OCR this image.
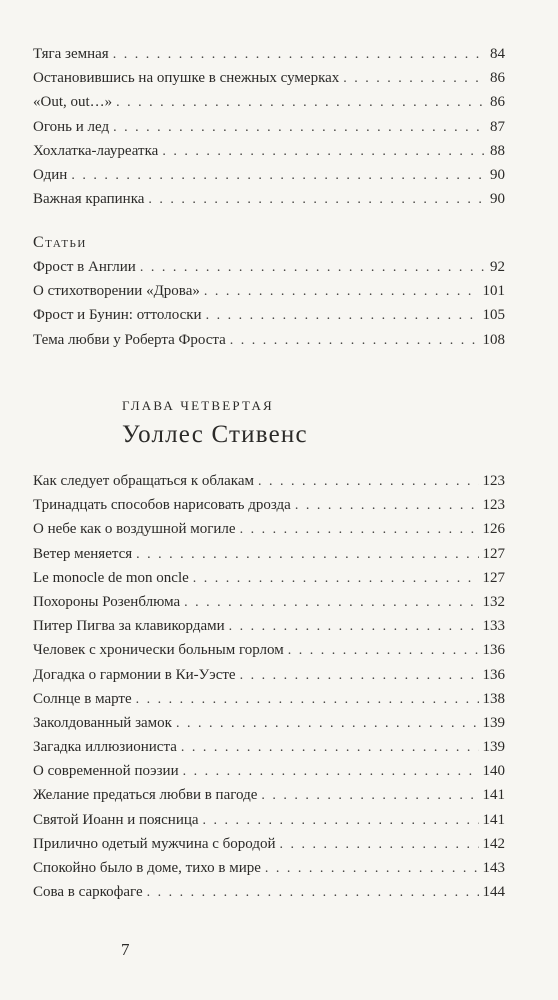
Тяга земная . . .	84
Остановившись на опушке в снежных сумерках . . .	86
«Out, out…» . . .	86
Огонь и лед . . .	87
Хохлатка-лауреатка . . .	88
Один . . .	90
Важная крапинка . . .	90
Статьи
Фрост в Англии . . .	92
О стихотворении «Дрова» . . .	101
Фрост и Бунин: оттолоски . . .	105
Тема любви у Роберта Фроста . . .	108
ГЛАВА ЧЕТВЕРТАЯ
Уоллес Стивенс
Как следует обращаться к облакам . . .	123
Тринадцать способов нарисовать дрозда . . .	123
О небе как о воздушной могиле . . .	126
Ветер меняется . . .	127
Le monocle de mon oncle . . .	127
Похороны Розенблюма . . .	132
Питер Пигва за клавикордами . . .	133
Человек с хронически больным горлом . . .	136
Догадка о гармонии в Ки-Уэсте . . .	136
Солнце в марте . . .	138
Заколдованный замок . . .	139
Загадка иллюзиониста . . .	139
О современной поэзии . . .	140
Желание предаться любви в пагоде . . .	141
Святой Иоанн и поясница . . .	141
Прилично одетый мужчина с бородой . . .	142
Спокойно было в доме, тихо в мире . . .	143
Сова в саркофаге . . .	144
7
